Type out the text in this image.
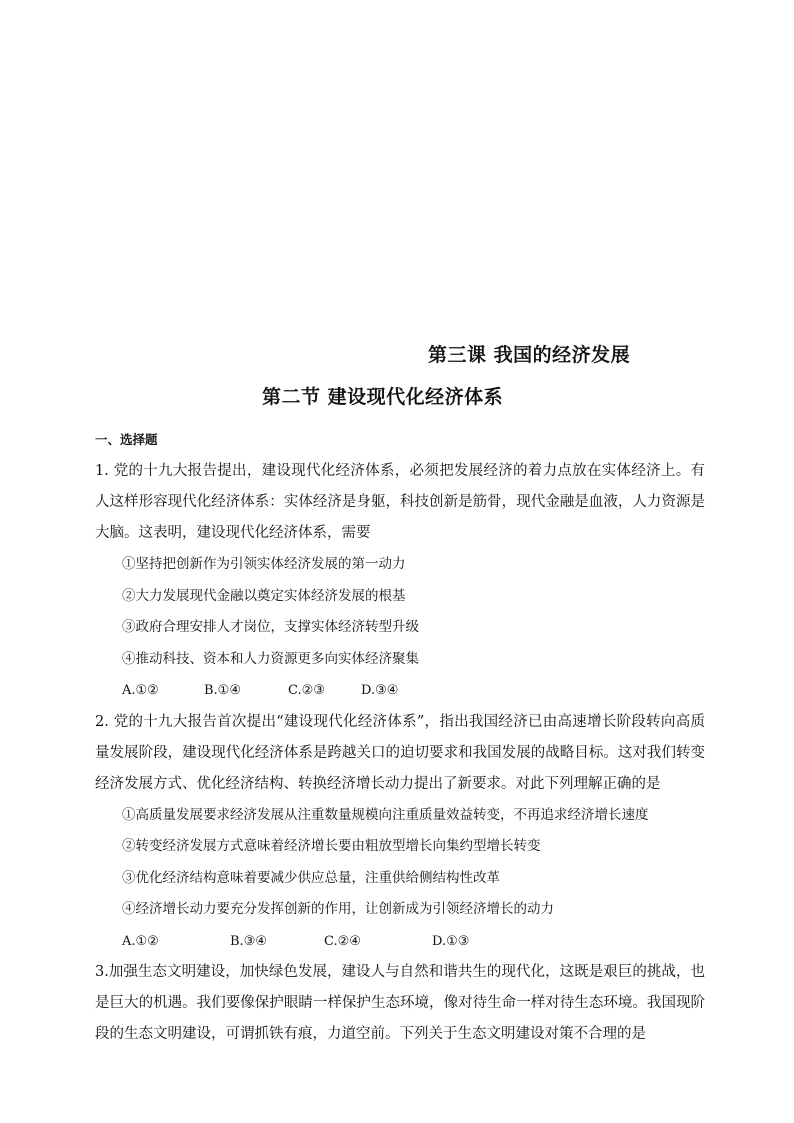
第三课 我国的经济发展
第二节 建设现代化经济体系
一、选择题

1. 党的十九大报告提出，建设现代化经济体系，必须把发展经济的着力点放在实体经济上。有人这样形容现代化经济体系：实体经济是身躯，科技创新是筋骨，现代金融是血液，人力资源是大脑。这表明，建设现代化经济体系，需要

①坚持把创新作为引领实体经济发展的第一动力

②大力发展现代金融以奠定实体经济发展的根基

③政府合理安排人才岗位，支撑实体经济转型升级

④推动科技、资本和人力资源更多向实体经济聚集

A.①②	B.①④	C.②③	D.③④

2. 党的十九大报告首次提出“建设现代化经济体系”，指出我国经济已由高速增长阶段转向高质量发展阶段，建设现代化经济体系是跨越关口的迫切要求和我国发展的战略目标。这对我们转变经济发展方式、优化经济结构、转换经济增长动力提出了新要求。对此下列理解正确的是

①高质量发展要求经济发展从注重数量规模向注重质量效益转变，不再追求经济增长速度

②转变经济发展方式意味着经济增长要由粗放型增长向集约型增长转变

③优化经济结构意味着要减少供应总量，注重供给侧结构性改革

④经济增长动力要充分发挥创新的作用，让创新成为引领经济增长的动力

A.①②	B.③④	C.②④	D.①③

3.加强生态文明建设，加快绿色发展，建设人与自然和谐共生的现代化，这既是艰巨的挑战，也是巨大的机遇。我们要像保护眼睛一样保护生态环境，像对待生命一样对待生态环境。我国现阶段的生态文明建设，可谓抓铁有痕，力道空前。下列关于生态文明建设对策不合理的是
